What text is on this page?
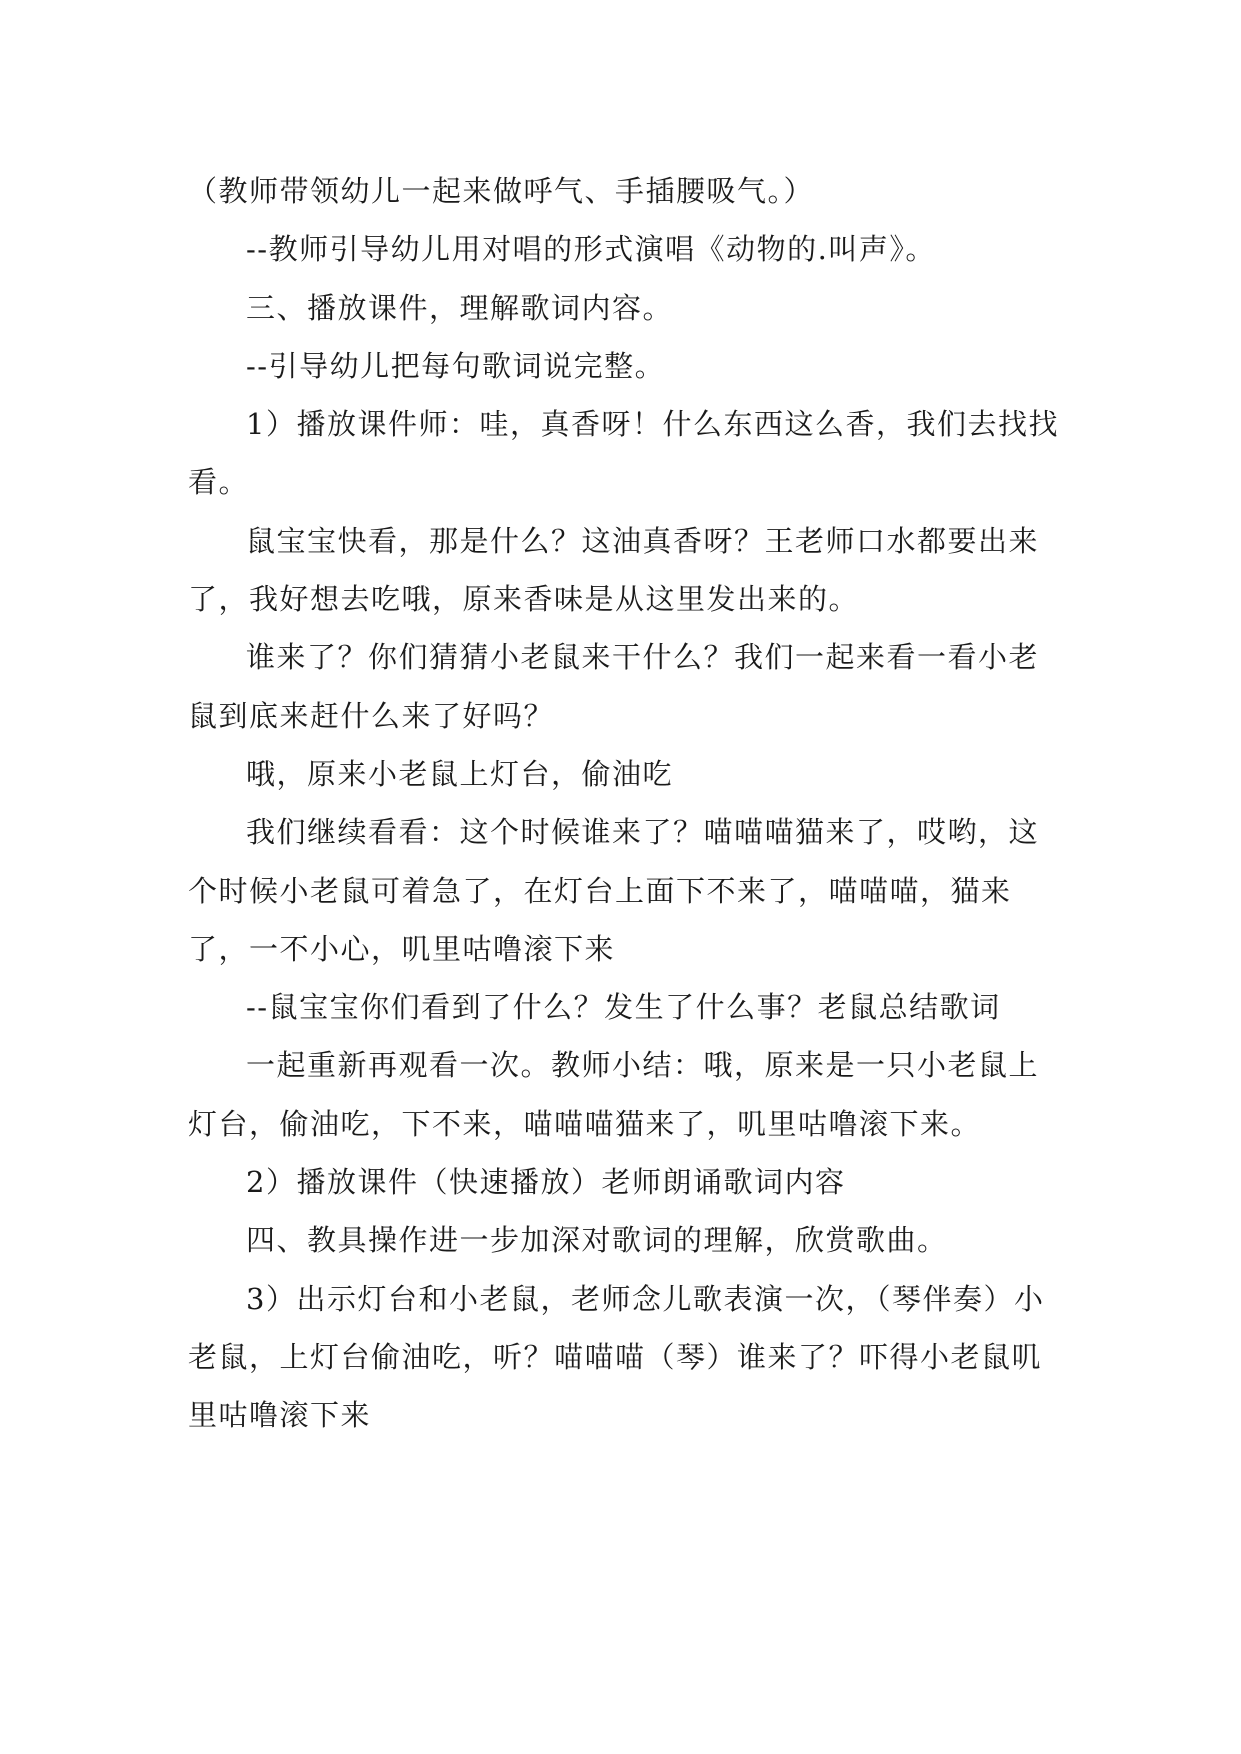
（教师带领幼儿一起来做呼气、手插腰吸气。）

--教师引导幼儿用对唱的形式演唱《动物的.叫声》。

三、播放课件，理解歌词内容。

--引导幼儿把每句歌词说完整。

1）播放课件师：哇，真香呀！什么东西这么香，我们去找找看。

鼠宝宝快看，那是什么？这油真香呀？王老师口水都要出来了，我好想去吃哦，原来香味是从这里发出来的。

谁来了？你们猜猜小老鼠来干什么？我们一起来看一看小老鼠到底来赶什么来了好吗？

哦，原来小老鼠上灯台，偷油吃

我们继续看看：这个时候谁来了？喵喵喵猫来了，哎哟，这个时候小老鼠可着急了，在灯台上面下不来了，喵喵喵，猫来了，一不小心，叽里咕噜滚下来

--鼠宝宝你们看到了什么？发生了什么事？老鼠总结歌词

一起重新再观看一次。教师小结：哦，原来是一只小老鼠上灯台，偷油吃，下不来，喵喵喵猫来了，叽里咕噜滚下来。

2）播放课件（快速播放）老师朗诵歌词内容

四、教具操作进一步加深对歌词的理解，欣赏歌曲。

3）出示灯台和小老鼠，老师念儿歌表演一次，（琴伴奏）小老鼠，上灯台偷油吃，听？喵喵喵（琴）谁来了？吓得小老鼠叽里咕噜滚下来
